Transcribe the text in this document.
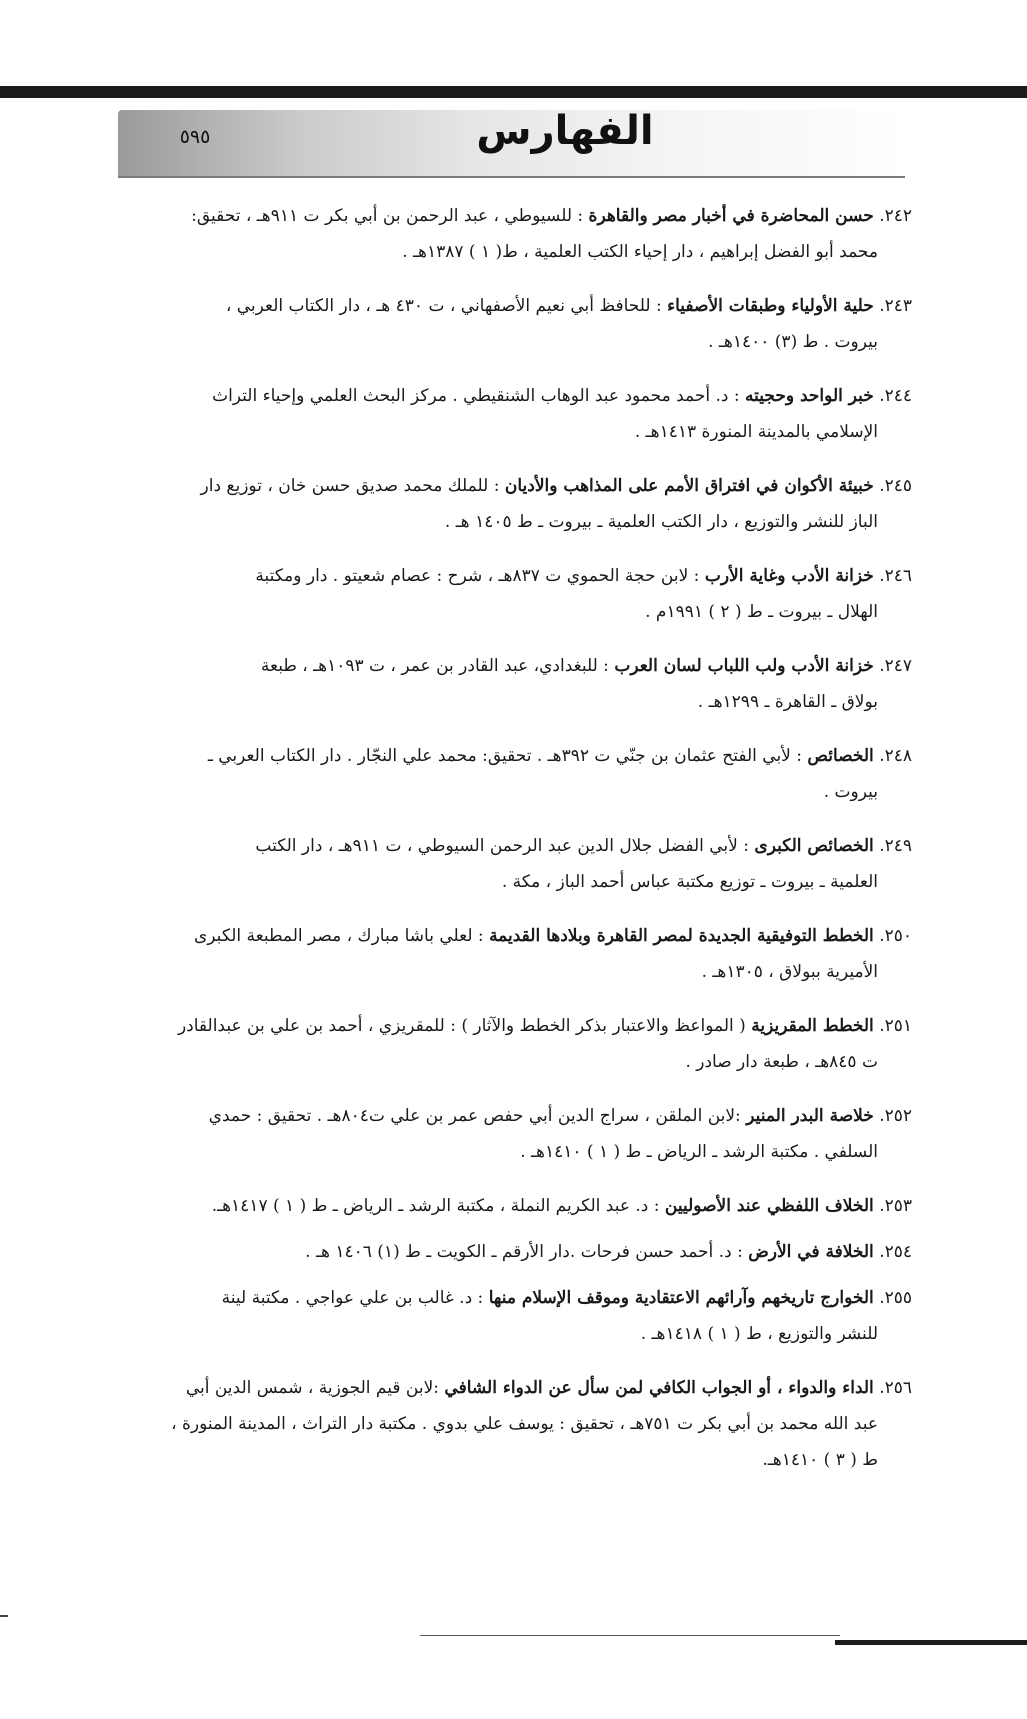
٥٩٥	الفهارس
٢٤٢. حسن المحاضرة في أخبار مصر والقاهرة : للسيوطي ، عبد الرحمن بن أبي بكر ت ٩١١هـ ، تحقيق:
محمد أبو الفضل إبراهيم ، دار إحياء الكتب العلمية ، ط( ١ ) ١٣٨٧هـ .
٢٤٣. حلية الأولياء وطبقات الأصفياء : للحافظ أبي نعيم الأصفهاني ، ت ٤٣٠ هـ ، دار الكتاب العربي ،
بيروت . ط (٣) ١٤٠٠هـ .
٢٤٤. خبر الواحد وحجيته : د. أحمد محمود عبد الوهاب الشنقيطي . مركز البحث العلمي وإحياء التراث
الإسلامي بالمدينة المنورة ١٤١٣هـ .
٢٤٥. خبيئة الأكوان في افتراق الأمم على المذاهب والأديان : للملك محمد صديق حسن خان ، توزيع دار
الباز للنشر والتوزيع ، دار الكتب العلمية ـ بيروت ـ ط ١٤٠٥ هـ .
٢٤٦. خزانة الأدب وغاية الأرب : لابن حجة الحموي ت ٨٣٧هـ ، شرح : عصام شعيتو . دار ومكتبة
الهلال ـ بيروت ـ ط ( ٢ ) ١٩٩١م .
٢٤٧. خزانة الأدب ولب اللباب لسان العرب : للبغدادي، عبد القادر بن عمر ، ت ١٠٩٣هـ ، طبعة
بولاق ـ القاهرة ـ ١٢٩٩هـ .
٢٤٨. الخصائص : لأبي الفتح عثمان بن جنّي ت ٣٩٢هـ . تحقيق: محمد علي النجّار . دار الكتاب العربي ـ
بيروت .
٢٤٩. الخصائص الكبرى : لأبي الفضل جلال الدين عبد الرحمن السيوطي ، ت ٩١١هـ ، دار الكتب
العلمية ـ بيروت ـ توزيع مكتبة عباس أحمد الباز ، مكة .
٢٥٠. الخطط التوفيقية الجديدة لمصر القاهرة وبلادها القديمة : لعلي باشا مبارك ، مصر المطبعة الكبرى
الأميرية ببولاق ، ١٣٠٥هـ .
٢٥١. الخطط المقريزية ( المواعظ والاعتبار بذكر الخطط والآثار ) : للمقريزي ، أحمد بن علي بن عبدالقادر
ت ٨٤٥هـ ، طبعة دار صادر .
٢٥٢. خلاصة البدر المنير :لابن الملقن ، سراج الدين أبي حفص عمر بن علي ت٨٠٤هـ . تحقيق : حمدي
السلفي . مكتبة الرشد ـ الرياض ـ ط ( ١ ) ١٤١٠هـ .
٢٥٣. الخلاف اللفظي عند الأصوليين : د. عبد الكريم النملة ، مكتبة الرشد ـ الرياض ـ ط ( ١ ) ١٤١٧هـ.
٢٥٤. الخلافة في الأرض : د. أحمد حسن فرحات .دار الأرقم ـ الكويت ـ ط (١) ١٤٠٦ هـ .
٢٥٥. الخوارج تاريخهم وآرائهم الاعتقادية وموقف الإسلام منها : د. غالب بن علي عواجي . مكتبة لينة
للنشر والتوزيع ، ط ( ١ ) ١٤١٨هـ .
٢٥٦. الداء والدواء ، أو الجواب الكافي لمن سأل عن الدواء الشافي :لابن قيم الجوزية ، شمس الدين أبي
عبد الله محمد بن أبي بكر ت ٧٥١هـ ، تحقيق : يوسف علي بدوي . مكتبة دار التراث ، المدينة المنورة ،
ط ( ٣ ) ١٤١٠هـ.
